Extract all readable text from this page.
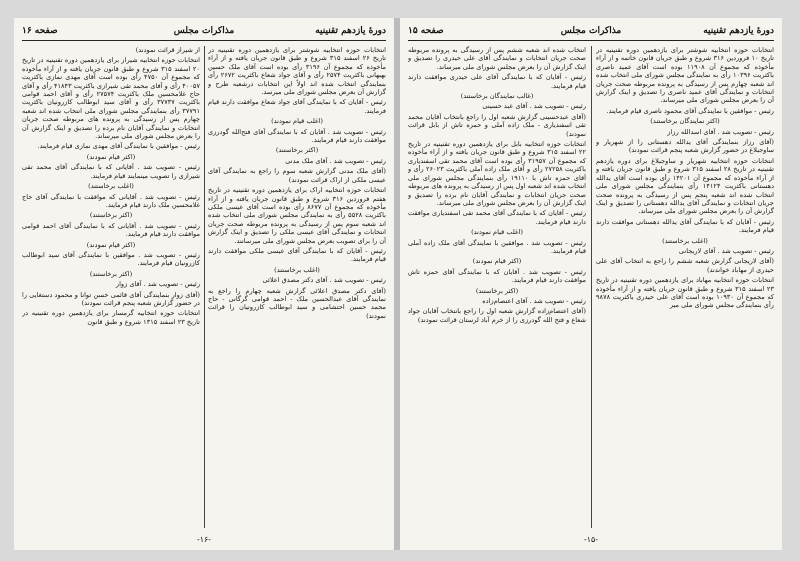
دورهٔ یازدهم تقنینیه
مذاکرات مجلس
صفحه ۱۶

انتخابات حوزه انتخابیه شوشتر برای یازدهمین دوره تقنینیه در تاریخ ۲۶ اسفند ۳۱۵ شروع و طبق قانون جریان یافته و از آراء مأخوذه که مجموع آن ۳۱۹۶ رأی بوده است آقای ملک حسین بهبهانی باکثریت ۲۵۷۴ رأی و آقای جواد شعاع باکثریت ۲۶۷۲ رأی بنمایندگی انتخاب شده اند اولاً این انتخابات درشعبه طرح و گزارش آن بعرض مجلس شورای ملی میرسد.

رئیس - آقایان که با نمایندگی آقای جواد شعاع موافقت دارند قیام فرمایند.

(اغلب قیام نمودند)

رئیس - تصویب شد . آقایان که با نمایندگی آقای فتح‌الله گودرزی موافقت دارند قیام فرمایند.

(اکثر برخاستند)

رئیس - تصویب شد . آقای ملک مدنی

(آقای ملک مدنی گزارش شعبه سوم را راجع به نمایندگی آقای عیسی ملکی از اراک قرائت نمودند)

انتخابات حوزه انتخابیه اراک برای یازدهمین دوره تقنینیه در تاریخ هفتم فروردین ۳۱۶ شروع و طبق قانون جریان یافته و از آراء مأخوذه که مجموع آن ۸۶۷۷ رأی بوده است آقای عیسی ملکی باکثریت ۵۵۲۸ رأی به نمایندگی مجلس شورای ملی انتخاب شده اند شعبه سوم پس از رسیدگی به پرونده مربوطه صحت جریان انتخابات و نمایندگی آقای عیسی ملکی را تصدیق و اینک گزارش آن را برای تصویب بعرض مجلس شورای ملی میرسانند.

رئیس - آقایان که با نمایندگی آقای عیسی ملکی موافقت دارند قیام فرمایند.

(اغلب برخاستند)

رئیس - تصویب شد . آقای دکتر مصدق اعلائی

(آقای دکتر مصدق اعلائی گزارش شعبه چهارم را راجع به نمایندگی آقای عبدالحسین ملک - احمد قوامی گرگانی - حاج محمد حسین احتشامی و سید ابوطالب کازرونیان را قرائت نمودند)

از شیراز قرائت نمودند)

انتخابات حوزه انتخابیه شیراز برای یازدهمین دوره تقنینیه در تاریخ ۲۰ اسفند ۳۱۵ شروع و طبق قانون جریان یافته و از آراء مأخوذه که مجموع آن ۴۷۵۰ رأی بوده است آقای مهدی نمازی باکثریت ۴۰۰۵۷ رأی و آقای محمد تقی شیرازی باکثریت ۴۱۸۴۳ رأی و آقای حاج غلامحسین ملک باکثریت ۲۷۵۷۴ رأی و آقای احمد قوامی باکثریت ۳۷۷۳۷ رأی و آقای سید ابوطالب کازرونیان باکثریت ۳۷۷۹۱ رأی بنمایندگی مجلس شورای ملی انتخاب شده اند شعبه چهارم پس از رسیدگی به پرونده های مربوطه صحت جریان انتخابات و نمایندگی آقایان نام برده را تصدیق و اینک گزارش آن را بعرض مجلس شورای ملی میرساند.

رئیس - موافقین با نمایندگی آقای مهدی نمازی قیام فرمایند.

(اکثر قیام نمودند)

رئیس - تصویب شد . آقایانی که با نمایندگی آقای محمد تقی شیرازی را تصویب مینمایند قیام فرمایند.

(اغلب برخاستند)

رئیس - تصویب شد . آقایانی که موافقت با نمایندگی آقای حاج غلامحسین ملک دارند قیام فرمایند.

(اکثر برخاستند)

رئیس - تصویب شد . آقایانی که با نمایندگی آقای احمد قوامی موافقت دارند قیام فرمایند.

(اکثر قیام نمودند)

رئیس - تصویب شد . موافقین با نمایندگی آقای سید ابوطالب کازرونیان قیام فرمایند.

(اکثر برخاستند)

رئیس - تصویب شد . آقای زوار

(آقای زوار بنمایندگی آقای قائمی خسن توانا و محمود دستغایی را در حضور گزارش شعبه پنجم قرائت نمودند)

انتخابات حوزه انتخابیه گرمسار برای یازدهمین دوره تقنینیه در تاریخ ۲۳ اسفند ۱۳۱۵ شروع و طبق قانون

-۱۶-
دورهٔ یازدهم تقنینیه
مذاکرات مجلس
صفحه ۱۵

انتخابات حوزه انتخابیه شوشتر برای یازدهمین دوره تقنینیه در تاریخ ۱۰ فروردین ۳۱۶ شروع و طبق جریان قانون خاتمه و از آراء مأخوذه که مجموع آن ۱۱۹۰۸ بوده است آقای عمید ناصری باکثریت ۱۰۳۹۶ رأی به نمایندگی مجلس شورای ملی انتخاب شده اند شعبه چهارم پس از رسیدگی به پرونده مربوطه صحت جریان انتخابات و نمایندگی آقای عمید ناصری را تصدیق و اینک گزارش آن را بعرض مجلس شورای ملی میرساند.

رئیس - موافقین با نمایندگی آقای محمود ناصری قیام فرمایند.

(اکثر نمایندگان برخاستند)

رئیس - تصویب شد . آقای اسدالله رزاز

(آقای رزاز بنمایندگی آقای یدالله دهستانی را از شهریار و ساوجبلاغ در حضور گزارش شعبه پنجم قرائت نمودند)

انتخابات حوزه انتخابیه شهریار و ساوجبلاغ برای دوره یازدهم تقنینیه در تاریخ ۲۸ اسفند ۳۱۵ شروع و طبق قانون جریان یافته و از آراء مأخوذه که مجموع آن ۱۴۲۰۱ رأی بوده است آقای یدالله دهستانی باکثریت ۱۴۱۲۴ رأی بنمایندگی مجلس شورای ملی انتخاب شده اند شعبه پنجم پس از رسیدگی به پرونده صحت جریان انتخابات و نمایندگی آقای یدالله دهستانی را تصدیق و اینک گزارش آن را بعرض مجلس شورای ملی میرساند.

رئیس - آقایان که با نمایندگی آقای یدالله دهستانی موافقت دارند قیام فرمایند.

(اغلب برخاستند)

رئیس - تصویب شد . آقای لاریجانی

(آقای لاریجانی گزارش شعبه ششم را راجع به انتخاب آقای علی حیدری از مهاباد خواندند)

انتخابات حوزه انتخابیه مهاباد برای یازدهمین دوره تقنینیه در تاریخ ۲۳ اسفند ۳۱۵ شروع و طبق قانون جریان یافته و از آراء مأخوذه که مجموع آن ۱۰۹۳۰ بوده است آقای علی حیدری باکثریت ۹۸۷۸ رأی بنمایندگی مجلس شورای ملی میر

انتخاب شده اند شعبه ششم پس از رسیدگی به پرونده مربوطه صحت جریان انتخابات و نمایندگی آقای علی حیدری را تصدیق و اینک گزارش آن را بعرض مجلس شورای ملی میرساند.

رئیس - آقایان که با نمایندگی آقای علی حیدری موافقت دارند قیام فرمایند.

(غالب نمایندگان برخاستند)

رئیس - تصویب شد . آقای عبد حسینی

(آقای عبدحسینی گزارش شعبه اول را راجع بانتخاب آقایان محمد تقی اسفندیاری - ملک زاده آملی و حمزه تاش از بابل قرائت نمودند)

انتخابات حوزه انتخابیه بابل برای یازدهمین دوره تقنینیه در تاریخ ۲۲ اسفند ۳۱۵ شروع و طبق قانون جریان یافته و از آراء مأخوذه که مجموع آن ۳۱۹۵۷ رأی بوده است آقای محمد تقی اسفندیاری باکثریت ۲۷۲۵۸ رأی و آقای ملک زاده آملی باکثریت ۲۶۰۲۳ رأی و آقای حمزه تاش با ۱۹۱۱۰ رأی بنمایندگی مجلس شورای ملی انتخاب شده اند شعبه اول پس از رسیدگی به پرونده های مربوطه صحت جریان انتخابات و نمایندگی آقایان نام برده را تصدیق و اینک گزارش آن را بعرض مجلس شورای ملی میرساند.

رئیس - آقایان که با نمایندگی آقای محمد تقی اسفندیاری موافقت دارند قیام فرمایند.

(اغلب قیام نمودند)

رئیس - تصویب شد . موافقین با نمایندگی آقای ملک زاده آملی قیام فرمایند.

(اکثر قیام نمودند)

رئیس - تصویب شد . آقایان که با نمایندگی آقای حمزه تاش موافقت دارند قیام فرمایند.

(اکثر برخاستند)

رئیس - تصویب شد . آقای اعتصام‌زاده

(آقای اعتصام‌زاده گزارش شعبه اول را راجع بانتخاب آقایان جواد شعاع و فتح الله گودرزی را از خرم آباد لرستان قرائت نمودند)

-۱۵-
